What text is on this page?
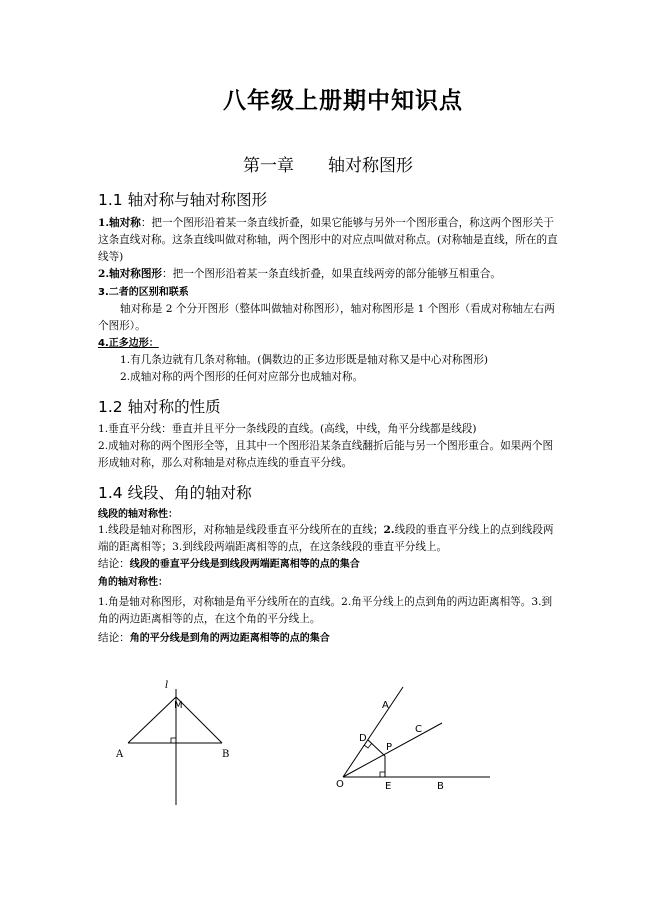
八年级上册期中知识点
第一章 轴对称图形
1.1 轴对称与轴对称图形
1.轴对称：把一个图形沿着某一条直线折叠，如果它能够与另外一个图形重合，称这两个图形关于这条直线对称。这条直线叫做对称轴，两个图形中的对应点叫做对称点。(对称轴是直线，所在的直线等)
2.轴对称图形：把一个图形沿着某一条直线折叠，如果直线两旁的部分能够互相重合。
3.二者的区别和联系
轴对称是 2 个分开图形（整体叫做轴对称图形），轴对称图形是 1 个图形（看成对称轴左右两个图形）。
4.正多边形：
1.有几条边就有几条对称轴。(偶数边的正多边形既是轴对称又是中心对称图形)
2.成轴对称的两个图形的任何对应部分也成轴对称。
1.2 轴对称的性质
1.垂直平分线：垂直并且平分一条线段的直线。(高线，中线，角平分线都是线段)
2.成轴对称的两个图形全等，且其中一个图形沿某条直线翻折后能与另一个图形重合。如果两个图形成轴对称，那么对称轴是对称点连线的垂直平分线。
1.4 线段、角的轴对称
线段的轴对称性：
1.线段是轴对称图形，对称轴是线段垂直平分线所在的直线；2.线段的垂直平分线上的点到线段两端的距离相等；3.到线段两端距离相等的点，在这条线段的垂直平分线上。
结论：线段的垂直平分线是到线段两端距离相等的点的集合
角的轴对称性：
1.角是轴对称图形，对称轴是角平分线所在的直线。2.角平分线上的点到角的两边距离相等。3.到角的两边距离相等的点，在这个角的平分线上。
结论：角的平分线是到角的两边距离相等的点的集合
l
M
A	B
A
C
D
P
O	E	B
